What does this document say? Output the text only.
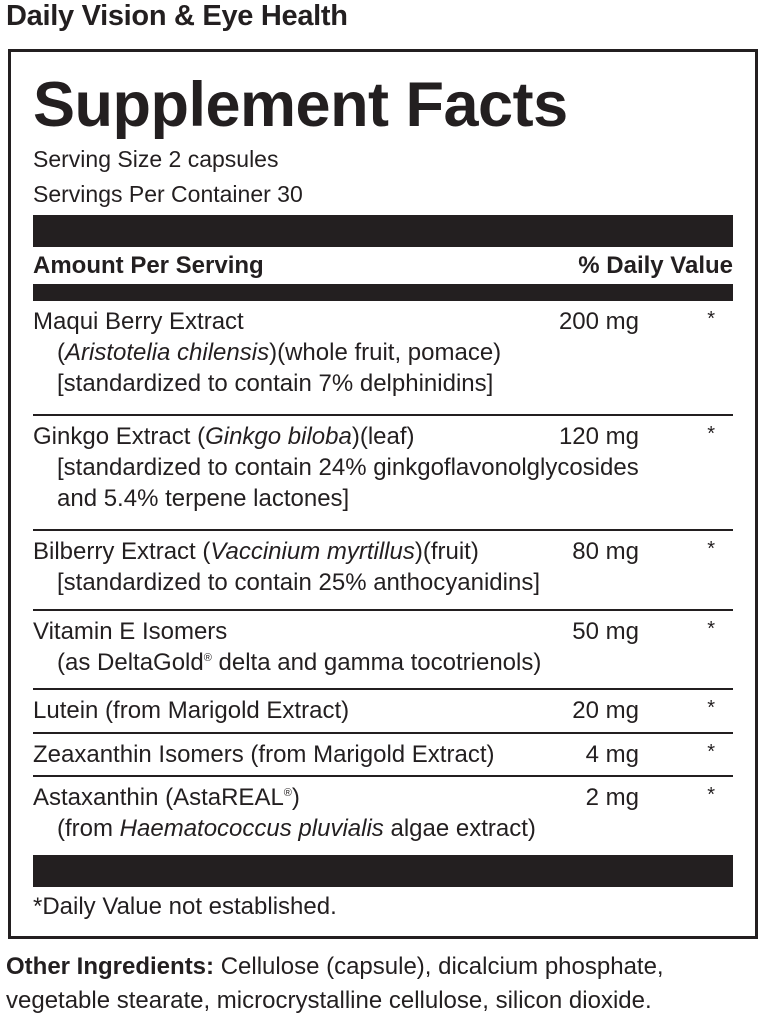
Daily Vision & Eye Health
Supplement Facts
Serving Size 2 capsules
Servings Per Container 30
Amount Per Serving	% Daily Value
Maqui Berry Extract
(Aristotelia chilensis)(whole fruit, pomace)
[standardized to contain 7% delphinidins]
200 mg	*
Ginkgo Extract (Ginkgo biloba)(leaf)
[standardized to contain 24% ginkgoflavonolglycosides
and 5.4% terpene lactones]
120 mg	*
Bilberry Extract (Vaccinium myrtillus)(fruit)
[standardized to contain 25% anthocyanidins]
80 mg	*
Vitamin E Isomers
(as DeltaGold® delta and gamma tocotrienols)
50 mg	*
Lutein (from Marigold Extract)	20 mg	*
Zeaxanthin Isomers (from Marigold Extract)	4 mg	*
Astaxanthin (AstaREAL®)
(from Haematococcus pluvialis algae extract)
2 mg	*
*Daily Value not established.
Other Ingredients: Cellulose (capsule), dicalcium phosphate, vegetable stearate, microcrystalline cellulose, silicon dioxide.
